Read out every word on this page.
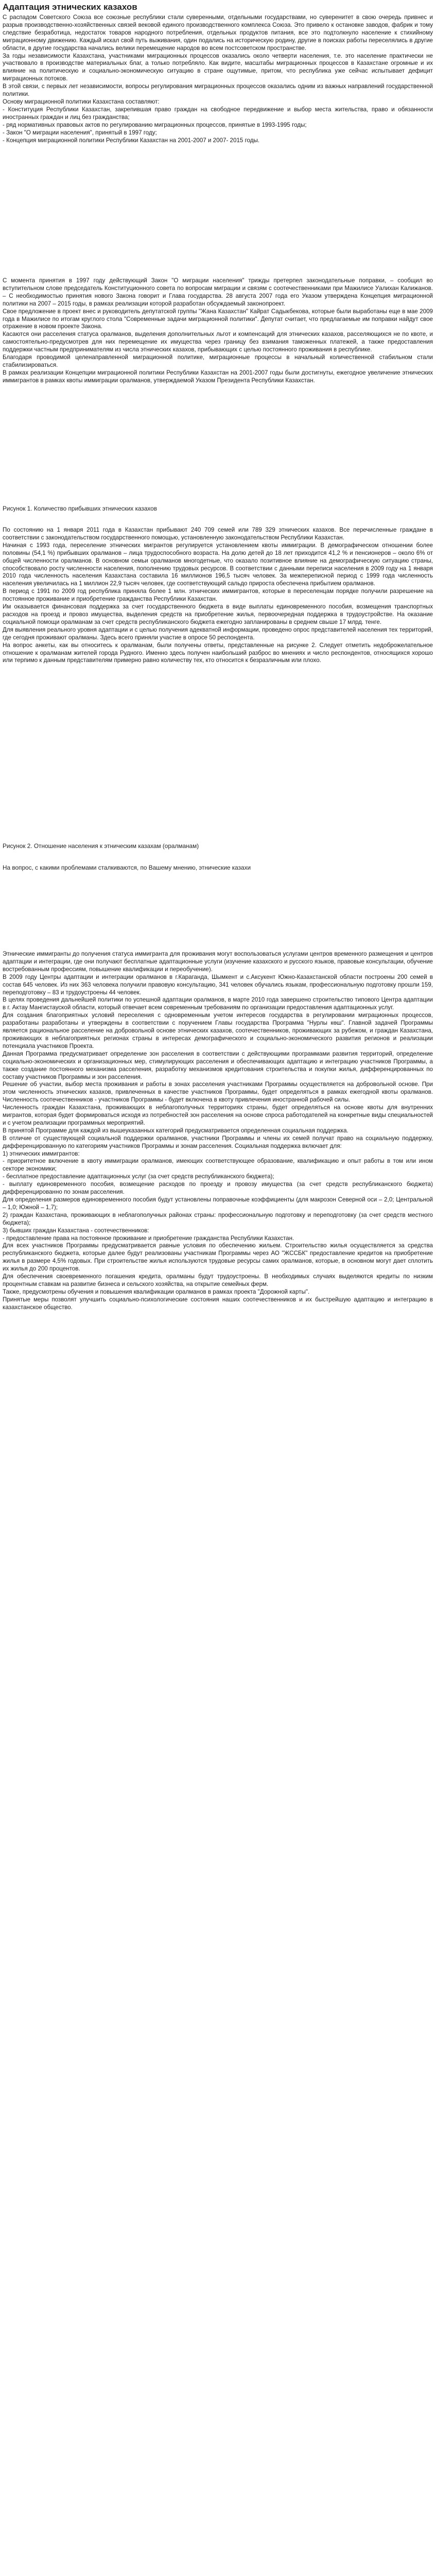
Адаптация этнических казахов

С распадом Советского Союза все союзные республики стали суверенными, отдельными государствами, но суверенитет в свою очередь привнес и разрыв производственно-хозяйственных связей вековой единого производственного комплекса Союза. Это привело к остановке заводов, фабрик и тому следствие безработица, недостаток товаров народного потребления, отдельных продуктов питания, все это подтолкнуло население к стихийному миграционному движению. Каждый искал свой путь выживания, один подались на историческую родину, другие в поисках работы переселялись в другие области, в другие государства начались велики перемещение народов во всем постсоветском пространстве.

За годы независимости Казахстана, участниками миграционных процессов оказались около четверти населения, т.е. это население практически не участвовало в производстве материальных благ, а только потребляло. Как видите, масштабы миграционных процессов в Казахстане огромные и их влияние на политическую и социально-экономическую ситуацию в стране ощутимые, притом, что республика уже сейчас испытывает дефицит миграционных потоков.

В этой связи, с первых лет независимости, вопросы регулирования миграционных процессов оказались одним из важных направлений государственной политики.

Основу миграционной политики Казахстана составляют:

- Конституция Республики Казахстан, закрепившая право граждан на свободное передвижение и выбор места жительства, право и обязанности иностранных граждан и лиц без гражданства;

- ряд нормативных правовых актов по регулированию миграционных процессов, принятые в 1993-1995 годы;

- Закон "О миграции населения", принятый в 1997 году;

- Концепция миграционной политики Республики Казахстан на 2001-2007 и 2007- 2015 годы.

С момента принятия в 1997 году действующий Закон "О миграции населения" трижды претерпел законодательные поправки, – сообщил во вступительном слове председатель Конституционного совета по вопросам миграции и связям с соотечественниками при Мажилисе Уалихан Калижанов. – С необходимостью принятия нового Закона говорит и Глава государства. 28 августа 2007 года его Указом утверждена Концепция миграционной политики на 2007 – 2015 годы, в рамках реализации которой разработан обсуждаемый законопроект.

Свое предложение в проект внес и руководитель депутатской группы "Жана Казахстан" Кайрат Садыкбекова, которые были выработаны еще в мае 2009 года в Мажилисе по итогам круглого стола "Современные задачи миграционной политики". Депутат считает, что предлагаемые им поправки найдут свое отражение в новом проекте Закона.

Касаются они расселения статуса оралманов, выделения дополнительных льгот и компенсаций для этнических казахов, расселяющихся не по квоте, и самостоятельно-предусмотрев для них перемещение их имущества через границу без взимания таможенных платежей, а также предоставления поддержки частным предпринимателям из числа этнических казахов, прибывающих с целью постоянного проживания в республике.

Благодаря проводимой целенаправленной миграционной политике, миграционные процессы в начальный количественной стабильном стали стабилизироваться.

В рамках реализации Концепции миграционной политики Республики Казахстан на 2001-2007 годы были достигнуты, ежегодное увеличение этнических иммигрантов в рамках квоты иммиграции оралманов, утверждаемой Указом Президента Республики Казахстан.

Рисунок 1. Количество прибывших этнических казахов

По состоянию на 1 января 2011 года в Казахстан прибывают 240 709 семей или 789 329 этнических казахов. Все перечисленные граждане в соответствии с законодательством государственного помощью, установленную законодательством Республики Казахстан.

Начиная с 1993 года, переселение этнических мигрантов регулируется установлением квоты иммиграции. В демографическом отношении более половины (54,1 %) прибывших оралманов – лица трудоспособного возраста. На долю детей до 18 лет приходится 41,2 % и пенсионеров – около 6% от общей численности оралманов. В основном семьи оралманов многодетные, что оказало позитивное влияние на демографическую ситуацию страны, способствовало росту численности населения, пополнению трудовых ресурсов. В соответствии с данными переписи населения в 2009 году на 1 января 2010 года численность населения Казахстана составила 16 миллионов 196,5 тысяч человек. За межпереписной период с 1999 года численность населения увеличилась на 1 миллион 22,9 тысяч человек, где соответствующий сальдо прироста обеспечена прибытием оралманов.

В период с 1991 по 2009 год республика приняла более 1 млн. этнических иммигрантов, которые в переселенцам порядке получили разрешение на постоянное проживание и приобретение гражданства Республики Казахстан.

Им оказывается финансовая поддержка за счет государственного бюджета в виде выплаты единовременного пособия, возмещения транспортных расходов на проезд и провоз имущества, выделения средств на приобретение жилья, первоочередная поддержка в трудоустройстве. На оказание социальной помощи оралманам за счет средств республиканского бюджета ежегодно запланированы в среднем свыше 17 млрд. тенге.

Для выявления реального уровня адаптации и с целью получения адекватной информации, проведено опрос представителей населения тех территорий, где сегодня проживают оралманы. Здесь всего приняли участие в опросе 50 респондента.

На вопрос анкеты, как вы относитесь к оралманам, были получены ответы, представленные на рисунке 2. Следует отметить недоброжелательное отношение к оралманам жителей города Рудного. Именно здесь получен наибольший разброс во мнениях и число респондентов, относящихся хорошо или терпимо к данным представителям примерно равно количеству тех, кто относится к безразличным или плохо.

Рисунок 2. Отношение населения к этническим казахам (оралманам)
На вопрос, с какими проблемами сталкиваются, по Вашему мнению, этнические казахи

Этнические иммигранты до получения статуса иммигранта для проживания могут воспользоваться услугами центров временного размещения и центров адаптации и интеграции, где они получают бесплатные адаптационные услуги (изучение казахского и русского языков, правовые консультации, обучение востребованным профессиям, повышение квалификации и переобучение).

В 2009 году Центры адаптации и интеграции оралманов в г.Караганда, Шымкент и с.Аксукент Южно-Казахстанской области построены 200 семей в состав 645 человек. Из них 363 человека получили правовую консультацию, 341 человек обучались языкам, профессиональную подготовку прошли 159, переподготовку – 83 и трудоустроены 44 человек.

В целях проведения дальнейшей политики по успешной адаптации оралманов, в марте 2010 года завершено строительство типового Центра адаптации в г. Актау Мангистауской области, который отвечает всем современным требованиям по организации предоставления адаптационных услуг.

Для создания благоприятных условий переселения с одновременным учетом интересов государства в регулировании миграционных процессов, разработаны разработаны и утверждены в соответствии с поручением Главы государства Программа "Нурлы көш". Главной задачей Программы является рациональное расселение на добровольной основе этнических казахов, соотечественников, проживающих за рубежом, и граждан Казахстана, проживающих в неблагоприятных регионах страны в интересах демографического и социально-экономического развития регионов и реализации потенциала участников Проекта.

Данная Программа предусматривает определение зон расселения в соответствии с действующими программами развития территорий, определение социально-экономических и организационных мер, стимулирующих расселения и обеспечивающих адаптацию и интеграцию участников Программы, а также создание постоянного механизма расселения, разработку механизмов кредитования строительства и покупки жилья, дифференцированных по составу участников Программы и зон расселения.

Решение об участии, выбор места проживания и работы в зонах расселения участниками Программы осуществляется на добровольной основе. При этом численность этнических казахов, привлеченных в качестве участников Программы, будет определяться в рамках ежегодной квоты оралманов. Численность соотечественников - участников Программы - будет включена в квоту привлечения иностранной рабочей силы.

Численность граждан Казахстана, проживающих в неблагополучных территориях страны, будет определяться на основе квоты для внутренних мигрантов, которая будет формироваться исходя из потребностей зон расселения на основе спроса работодателей на конкретные виды специальностей и с учетом реализации программных мероприятий.

В принятой Программе для каждой из вышеуказанных категорий предусматривается определенная социальная поддержка.

В отличие от существующей социальной поддержки оралманов, участники Программы и члены их семей получат право на социальную поддержку, дифференцированную по категориям участников Программы и зонам расселения. Социальная поддержка включает для:

1) этнических иммигрантов:

- приоритетное включение в квоту иммиграции оралманов, имеющих соответствующее образование, квалификацию и опыт работы в том или ином секторе экономики;

- бесплатное предоставление адаптационных услуг (за счет средств республиканского бюджета);

- выплату единовременного пособия, возмещение расходов по проезду и провозу имущества (за счет средств республиканского бюджета) дифференцированно по зонам расселения.

Для определения размеров единовременного пособия будут установлены поправочные коэффициенты (для макрозон Северной оси – 2,0; Центральной – 1,0; Южной – 1,7);

2) граждан Казахстана, проживающих в неблагополучных районах страны: профессиональную подготовку и переподготовку (за счет средств местного бюджета);

3) бывших граждан Казахстана - соотечественников:

- предоставление права на постоянное проживание и приобретение гражданства Республики Казахстан.

Для всех участников Программы предусматривается равные условия по обеспечению жильем. Строительство жилья осуществляется за средства республиканского бюджета, которые далее будут реализованы участникам Программы через АО "ЖССБК" предоставление кредитов на приобретение жилья в размере 4,5% годовых. При строительстве жилья используются трудовые ресурсы самих оралманов, которые, в основном могут дает сплотить их жилья до 200 процентов.

Для обеспечения своевременного погашения кредита, оралманы будут трудоустроены. В необходимых случаях выделяются кредиты по низким процентным ставкам на развитие бизнеса и сельского хозяйства, на открытие семейных ферм.

Также, предусмотрены обучения и повышения квалификации оралманов в рамках проекта "Дорожной карты".

Принятые меры позволят улучшить социально-психологические состояния наших соотечественников и их быстрейшую адаптацию и интеграцию в казахстанское общество.
